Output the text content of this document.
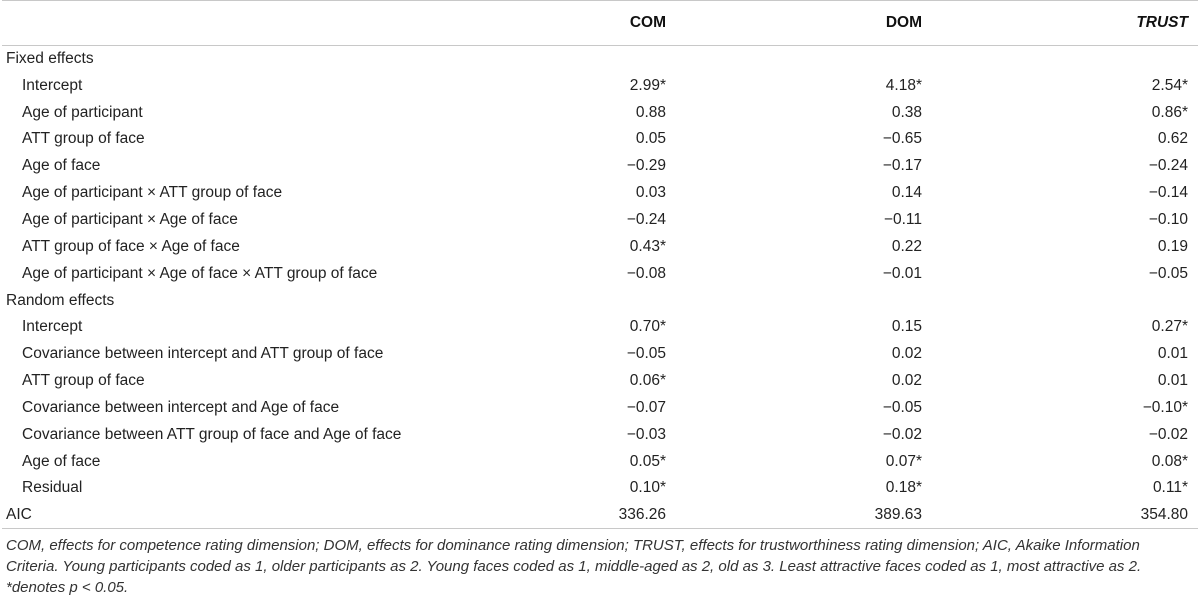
	COM	DOM	TRUST
Fixed effects			
Intercept	2.99*	4.18*	2.54*
Age of participant	0.88	0.38	0.86*
ATT group of face	0.05	−0.65	0.62
Age of face	−0.29	−0.17	−0.24
Age of participant × ATT group of face	0.03	0.14	−0.14
Age of participant × Age of face	−0.24	−0.11	−0.10
ATT group of face × Age of face	0.43*	0.22	0.19
Age of participant × Age of face × ATT group of face	−0.08	−0.01	−0.05
Random effects			
Intercept	0.70*	0.15	0.27*
Covariance between intercept and ATT group of face	−0.05	0.02	0.01
ATT group of face	0.06*	0.02	0.01
Covariance between intercept and Age of face	−0.07	−0.05	−0.10*
Covariance between ATT group of face and Age of face	−0.03	−0.02	−0.02
Age of face	0.05*	0.07*	0.08*
Residual	0.10*	0.18*	0.11*
AIC	336.26	389.63	354.80

COM, effects for competence rating dimension; DOM, effects for dominance rating dimension; TRUST, effects for trustworthiness rating dimension; AIC, Akaike Information Criteria. Young participants coded as 1, older participants as 2. Young faces coded as 1, middle-aged as 2, old as 3. Least attractive faces coded as 1, most attractive as 2. *denotes p < 0.05.
